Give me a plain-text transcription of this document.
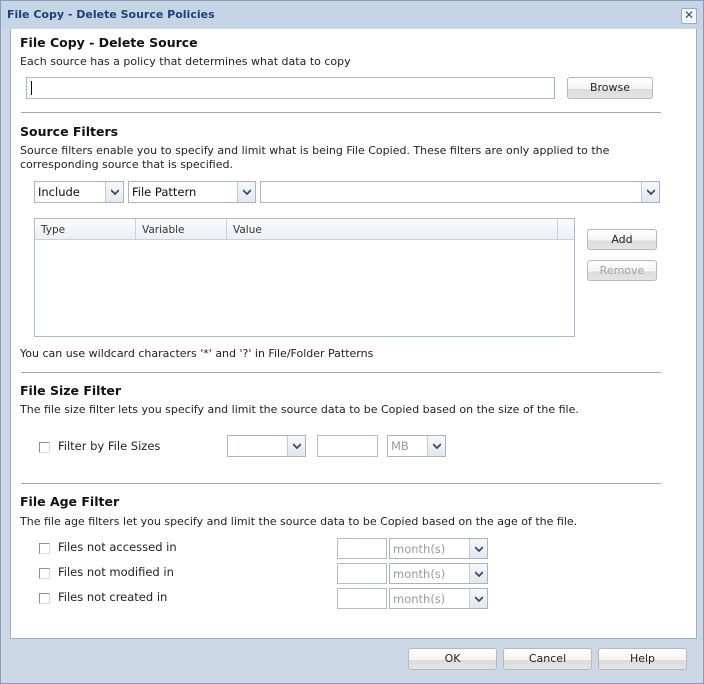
File Copy - Delete Source Policies	✕
File Copy - Delete Source
Each source has a policy that determines what data to copy
Browse
Source Filters
Source filters enable you to specify and limit what is being File Copied. These filters are only applied to the
corresponding source that is specified.
Include	File Pattern
Type	Variable	Value
Add
Remove
You can use wildcard characters '*' and '?' in File/Folder Patterns
File Size Filter
The file size filter lets you specify and limit the source data to be Copied based on the size of the file.
Filter by File Sizes	MB
File Age Filter
The file age filters let you specify and limit the source data to be Copied based on the age of the file.
Files not accessed in	month(s)
Files not modified in	month(s)
Files not created in	month(s)
OK	Cancel	Help
